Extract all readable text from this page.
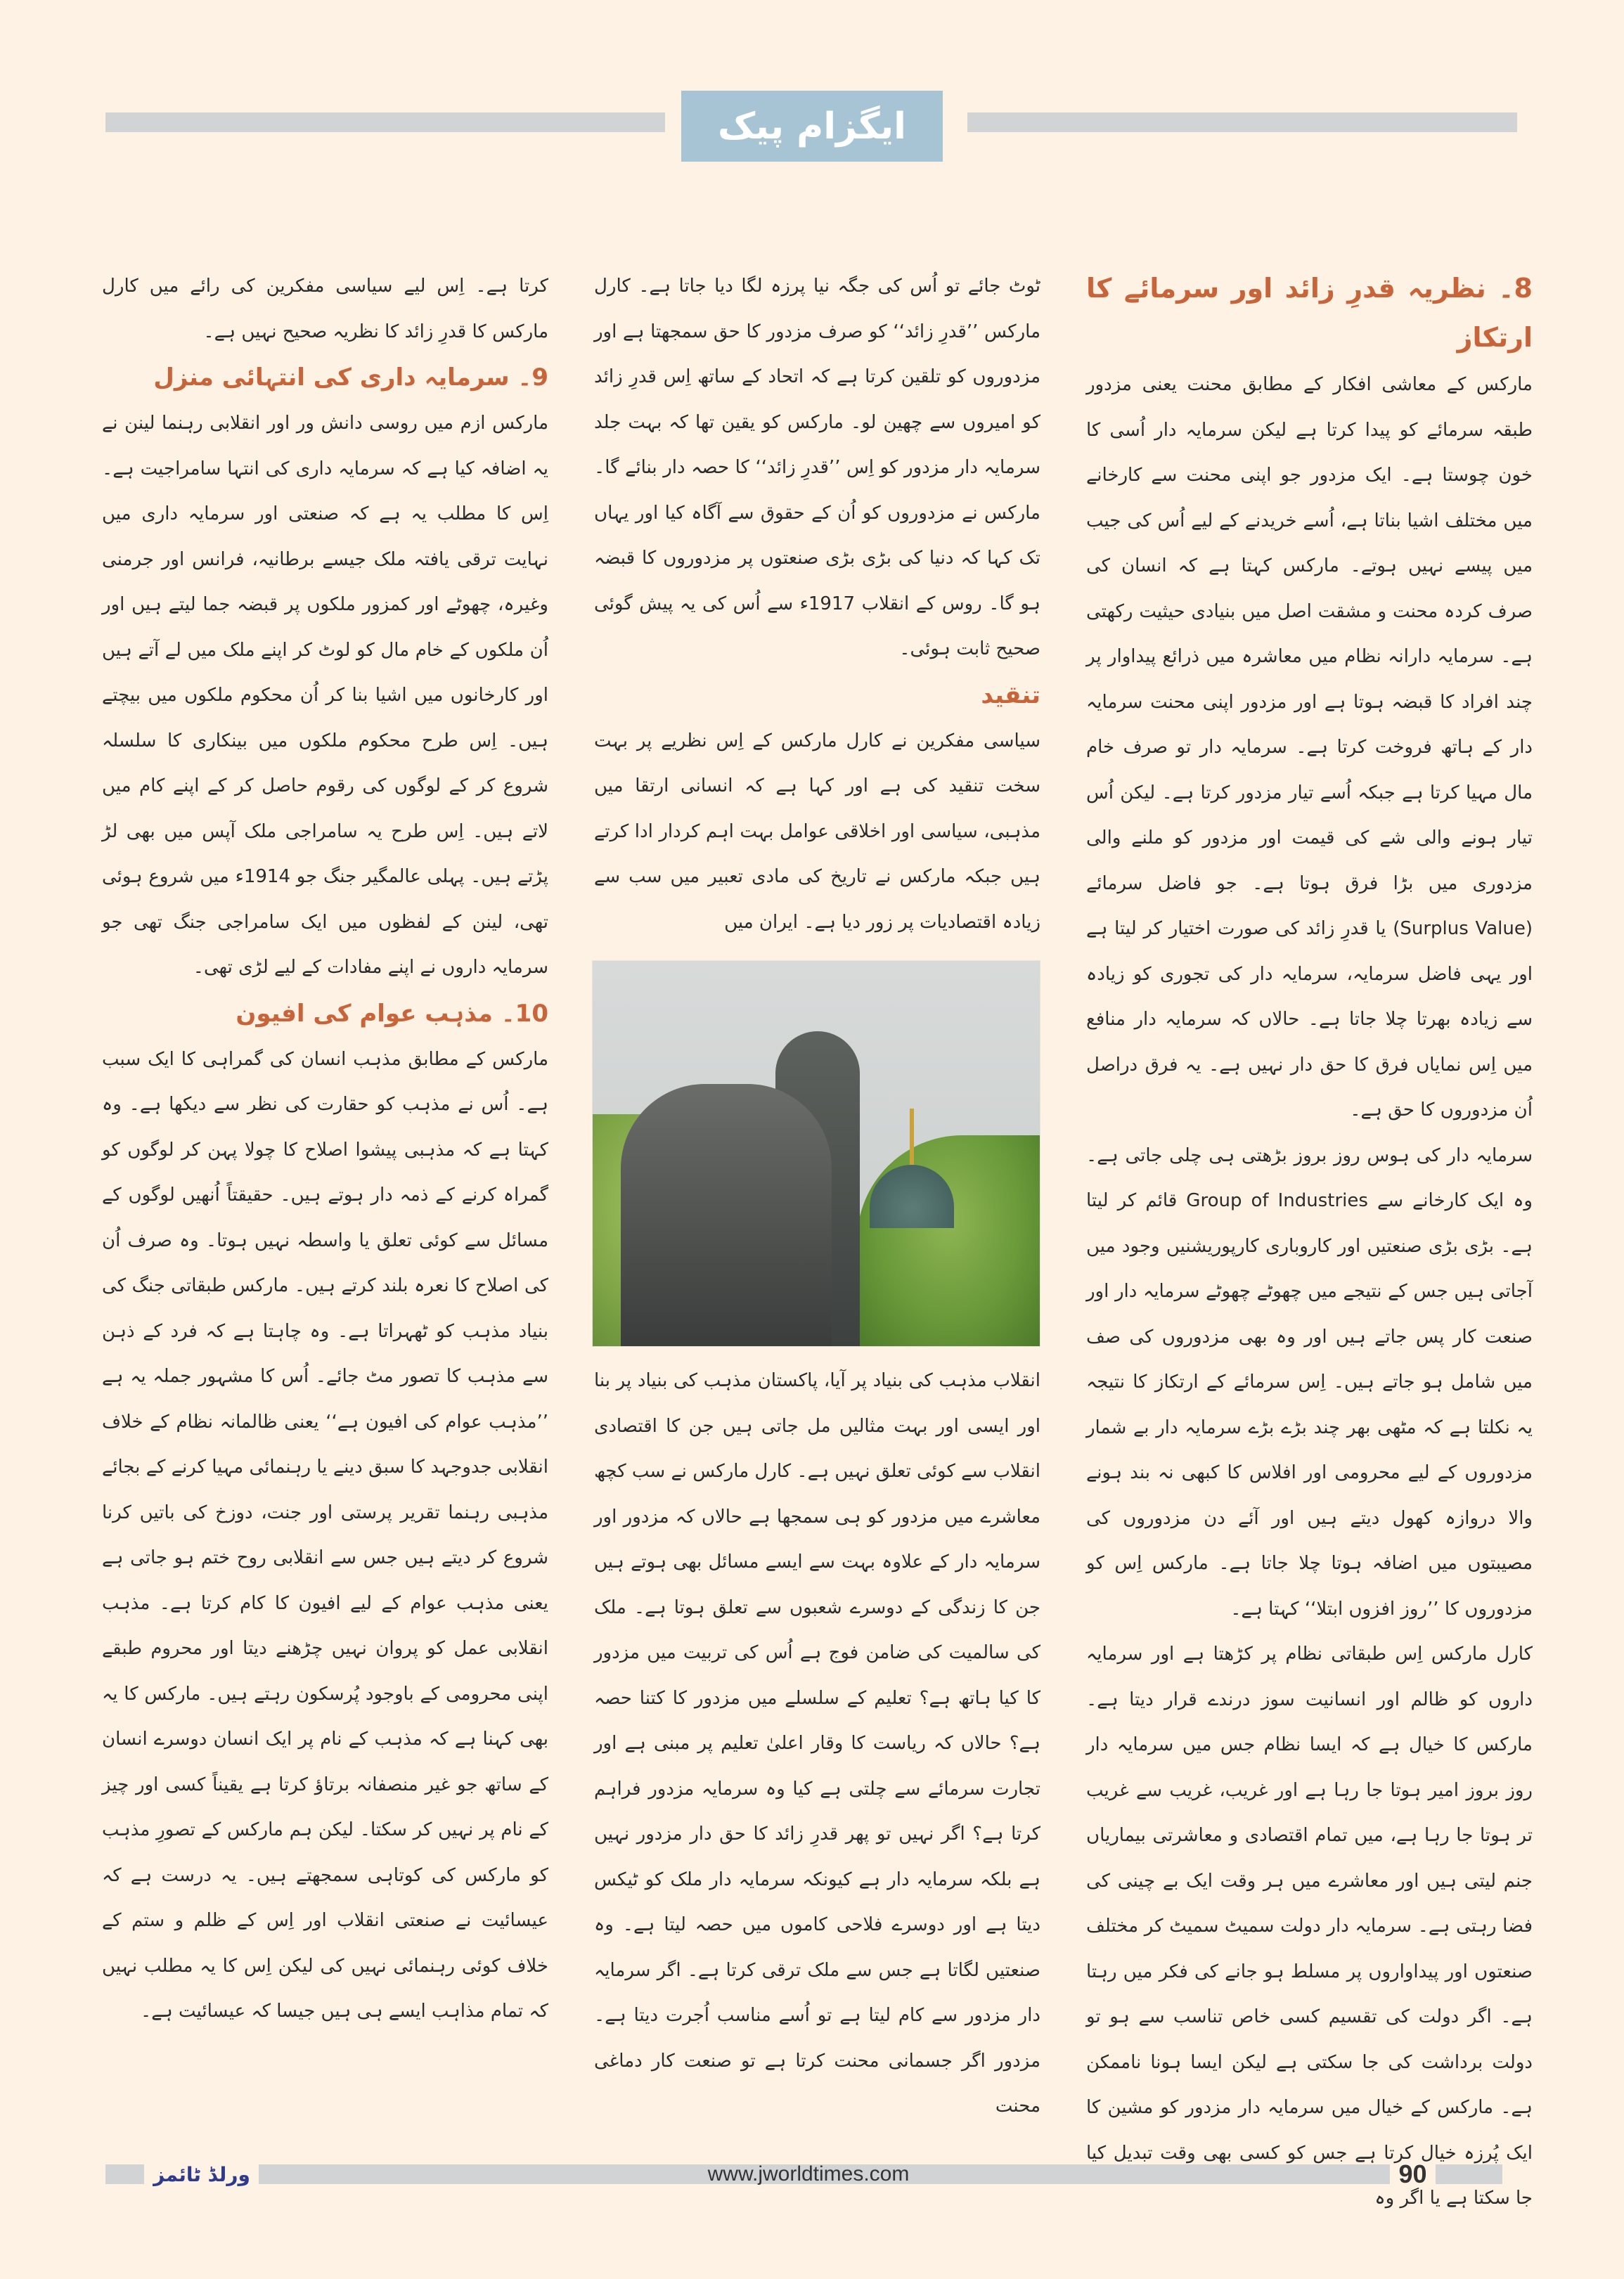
ایگزام پیک
8۔ نظریہ قدرِ زائد اور سرمائے کا ارتکاز

مارکس کے معاشی افکار کے مطابق محنت یعنی مزدور طبقہ سرمائے کو پیدا کرتا ہے لیکن سرمایہ دار اُسی کا خون چوستا ہے۔ ایک مزدور جو اپنی محنت سے کارخانے میں مختلف اشیا بناتا ہے، اُسے خریدنے کے لیے اُس کی جیب میں پیسے نہیں ہوتے۔ مارکس کہتا ہے کہ انسان کی صرف کردہ محنت و مشقت اصل میں بنیادی حیثیت رکھتی ہے۔ سرمایہ دارانہ نظام میں معاشرہ میں ذرائع پیداوار پر چند افراد کا قبضہ ہوتا ہے اور مزدور اپنی محنت سرمایہ دار کے ہاتھ فروخت کرتا ہے۔ سرمایہ دار تو صرف خام مال مہیا کرتا ہے جبکہ اُسے تیار مزدور کرتا ہے۔ لیکن اُس تیار ہونے والی شے کی قیمت اور مزدور کو ملنے والی مزدوری میں بڑا فرق ہوتا ہے۔ جو فاضل سرمائے (Surplus Value) یا قدرِ زائد کی صورت اختیار کر لیتا ہے اور یہی فاضل سرمایہ، سرمایہ دار کی تجوری کو زیادہ سے زیادہ بھرتا چلا جاتا ہے۔ حالاں کہ سرمایہ دار منافع میں اِس نمایاں فرق کا حق دار نہیں ہے۔ یہ فرق دراصل اُن مزدوروں کا حق ہے۔

سرمایہ دار کی ہوس روز بروز بڑھتی ہی چلی جاتی ہے۔ وہ ایک کارخانے سے Group of Industries قائم کر لیتا ہے۔ بڑی بڑی صنعتیں اور کاروباری کارپوریشنیں وجود میں آجاتی ہیں جس کے نتیجے میں چھوٹے چھوٹے سرمایہ دار اور صنعت کار پس جاتے ہیں اور وہ بھی مزدوروں کی صف میں شامل ہو جاتے ہیں۔ اِس سرمائے کے ارتکاز کا نتیجہ یہ نکلتا ہے کہ مٹھی بھر چند بڑے بڑے سرمایہ دار بے شمار مزدوروں کے لیے محرومی اور افلاس کا کبھی نہ بند ہونے والا دروازہ کھول دیتے ہیں اور آئے دن مزدوروں کی مصیبتوں میں اضافہ ہوتا چلا جاتا ہے۔ مارکس اِس کو مزدوروں کا ’’روز افزوں ابتلا‘‘ کہتا ہے۔

کارل مارکس اِس طبقاتی نظام پر کڑھتا ہے اور سرمایہ داروں کو ظالم اور انسانیت سوز درندے قرار دیتا ہے۔ مارکس کا خیال ہے کہ ایسا نظام جس میں سرمایہ دار روز بروز امیر ہوتا جا رہا ہے اور غریب، غریب سے غریب تر ہوتا جا رہا ہے، میں تمام اقتصادی و معاشرتی بیماریاں جنم لیتی ہیں اور معاشرے میں ہر وقت ایک بے چینی کی فضا رہتی ہے۔ سرمایہ دار دولت سمیٹ سمیٹ کر مختلف صنعتوں اور پیداواروں پر مسلط ہو جانے کی فکر میں رہتا ہے۔ اگر دولت کی تقسیم کسی خاص تناسب سے ہو تو دولت برداشت کی جا سکتی ہے لیکن ایسا ہونا ناممکن ہے۔ مارکس کے خیال میں سرمایہ دار مزدور کو مشین کا ایک پُرزہ خیال کرتا ہے جس کو کسی بھی وقت تبدیل کیا جا سکتا ہے یا اگر وہ

ٹوٹ جائے تو اُس کی جگہ نیا پرزہ لگا دیا جاتا ہے۔ کارل مارکس ’’قدرِ زائد‘‘ کو صرف مزدور کا حق سمجھتا ہے اور مزدوروں کو تلقین کرتا ہے کہ اتحاد کے ساتھ اِس قدرِ زائد کو امیروں سے چھین لو۔ مارکس کو یقین تھا کہ بہت جلد سرمایہ دار مزدور کو اِس ’’قدرِ زائد‘‘ کا حصہ دار بنائے گا۔ مارکس نے مزدوروں کو اُن کے حقوق سے آگاہ کیا اور یہاں تک کہا کہ دنیا کی بڑی بڑی صنعتوں پر مزدوروں کا قبضہ ہو گا۔ روس کے انقلاب 1917ء سے اُس کی یہ پیش گوئی صحیح ثابت ہوئی۔

تنقید

سیاسی مفکرین نے کارل مارکس کے اِس نظریے پر بہت سخت تنقید کی ہے اور کہا ہے کہ انسانی ارتقا میں مذہبی، سیاسی اور اخلاقی عوامل بہت اہم کردار ادا کرتے ہیں جبکہ مارکس نے تاریخ کی مادی تعبیر میں سب سے زیادہ اقتصادیات پر زور دیا ہے۔ ایران میں

انقلاب مذہب کی بنیاد پر آیا، پاکستان مذہب کی بنیاد پر بنا اور ایسی اور بہت مثالیں مل جاتی ہیں جن کا اقتصادی انقلاب سے کوئی تعلق نہیں ہے۔ کارل مارکس نے سب کچھ معاشرے میں مزدور کو ہی سمجھا ہے حالاں کہ مزدور اور سرمایہ دار کے علاوہ بہت سے ایسے مسائل بھی ہوتے ہیں جن کا زندگی کے دوسرے شعبوں سے تعلق ہوتا ہے۔ ملک کی سالمیت کی ضامن فوج ہے اُس کی تربیت میں مزدور کا کیا ہاتھ ہے؟ تعلیم کے سلسلے میں مزدور کا کتنا حصہ ہے؟ حالاں کہ ریاست کا وقار اعلیٰ تعلیم پر مبنی ہے اور تجارت سرمائے سے چلتی ہے کیا وہ سرمایہ مزدور فراہم کرتا ہے؟ اگر نہیں تو پھر قدرِ زائد کا حق دار مزدور نہیں ہے بلکہ سرمایہ دار ہے کیونکہ سرمایہ دار ملک کو ٹیکس دیتا ہے اور دوسرے فلاحی کاموں میں حصہ لیتا ہے۔ وہ صنعتیں لگاتا ہے جس سے ملک ترقی کرتا ہے۔ اگر سرمایہ دار مزدور سے کام لیتا ہے تو اُسے مناسب اُجرت دیتا ہے۔ مزدور اگر جسمانی محنت کرتا ہے تو صنعت کار دماغی محنت

کرتا ہے۔ اِس لیے سیاسی مفکرین کی رائے میں کارل مارکس کا قدرِ زائد کا نظریہ صحیح نہیں ہے۔

9۔ سرمایہ داری کی انتہائی منزل

مارکس ازم میں روسی دانش ور اور انقلابی رہنما لینن نے یہ اضافہ کیا ہے کہ سرمایہ داری کی انتہا سامراجیت ہے۔ اِس کا مطلب یہ ہے کہ صنعتی اور سرمایہ داری میں نہایت ترقی یافتہ ملک جیسے برطانیہ، فرانس اور جرمنی وغیرہ، چھوٹے اور کمزور ملکوں پر قبضہ جما لیتے ہیں اور اُن ملکوں کے خام مال کو لوٹ کر اپنے ملک میں لے آتے ہیں اور کارخانوں میں اشیا بنا کر اُن محکوم ملکوں میں بیچتے ہیں۔ اِس طرح محکوم ملکوں میں بینکاری کا سلسلہ شروع کر کے لوگوں کی رقوم حاصل کر کے اپنے کام میں لاتے ہیں۔ اِس طرح یہ سامراجی ملک آپس میں بھی لڑ پڑتے ہیں۔ پہلی عالمگیر جنگ جو 1914ء میں شروع ہوئی تھی، لینن کے لفظوں میں ایک سامراجی جنگ تھی جو سرمایہ داروں نے اپنے مفادات کے لیے لڑی تھی۔

10۔ مذہب عوام کی افیون

مارکس کے مطابق مذہب انسان کی گمراہی کا ایک سبب ہے۔ اُس نے مذہب کو حقارت کی نظر سے دیکھا ہے۔ وہ کہتا ہے کہ مذہبی پیشوا اصلاح کا چولا پہن کر لوگوں کو گمراہ کرنے کے ذمہ دار ہوتے ہیں۔ حقیقتاً اُنھیں لوگوں کے مسائل سے کوئی تعلق یا واسطہ نہیں ہوتا۔ وہ صرف اُن کی اصلاح کا نعرہ بلند کرتے ہیں۔ مارکس طبقاتی جنگ کی بنیاد مذہب کو ٹھہراتا ہے۔ وہ چاہتا ہے کہ فرد کے ذہن سے مذہب کا تصور مٹ جائے۔ اُس کا مشہور جملہ یہ ہے ’’مذہب عوام کی افیون ہے‘‘ یعنی ظالمانہ نظام کے خلاف انقلابی جدوجہد کا سبق دینے یا رہنمائی مہیا کرنے کے بجائے مذہبی رہنما تقریر پرستی اور جنت، دوزخ کی باتیں کرنا شروع کر دیتے ہیں جس سے انقلابی روح ختم ہو جاتی ہے یعنی مذہب عوام کے لیے افیون کا کام کرتا ہے۔ مذہب انقلابی عمل کو پروان نہیں چڑھنے دیتا اور محروم طبقے اپنی محرومی کے باوجود پُرسکون رہتے ہیں۔ مارکس کا یہ بھی کہنا ہے کہ مذہب کے نام پر ایک انسان دوسرے انسان کے ساتھ جو غیر منصفانہ برتاؤ کرتا ہے یقیناً کسی اور چیز کے نام پر نہیں کر سکتا۔ لیکن ہم مارکس کے تصورِ مذہب کو مارکس کی کوتاہی سمجھتے ہیں۔ یہ درست ہے کہ عیسائیت نے صنعتی انقلاب اور اِس کے ظلم و ستم کے خلاف کوئی رہنمائی نہیں کی لیکن اِس کا یہ مطلب نہیں کہ تمام مذاہب ایسے ہی ہیں جیسا کہ عیسائیت ہے۔

ورلڈ ٹائمز	www.jworldtimes.com	90
